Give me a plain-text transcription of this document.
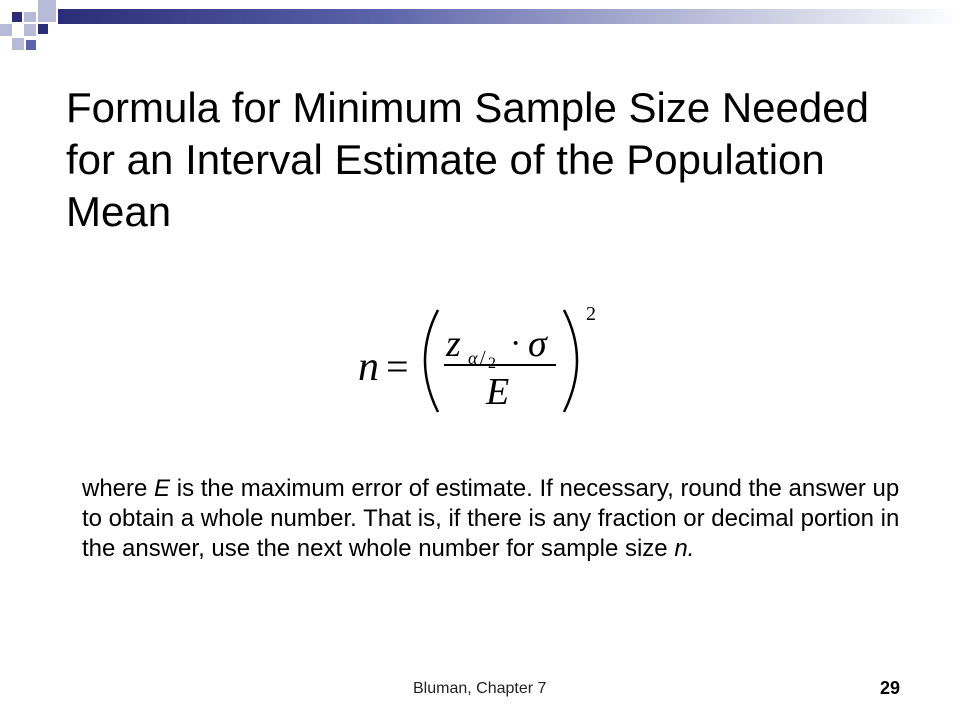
Formula for Minimum Sample Size Needed for an Interval Estimate of the Population Mean
n = z α / 2
· σ
E
2

where E is the maximum error of estimate. If necessary, round the answer up to obtain a whole number. That is, if there is any fraction or decimal portion in the answer, use the next whole number for sample size n.

Bluman, Chapter 7	29
